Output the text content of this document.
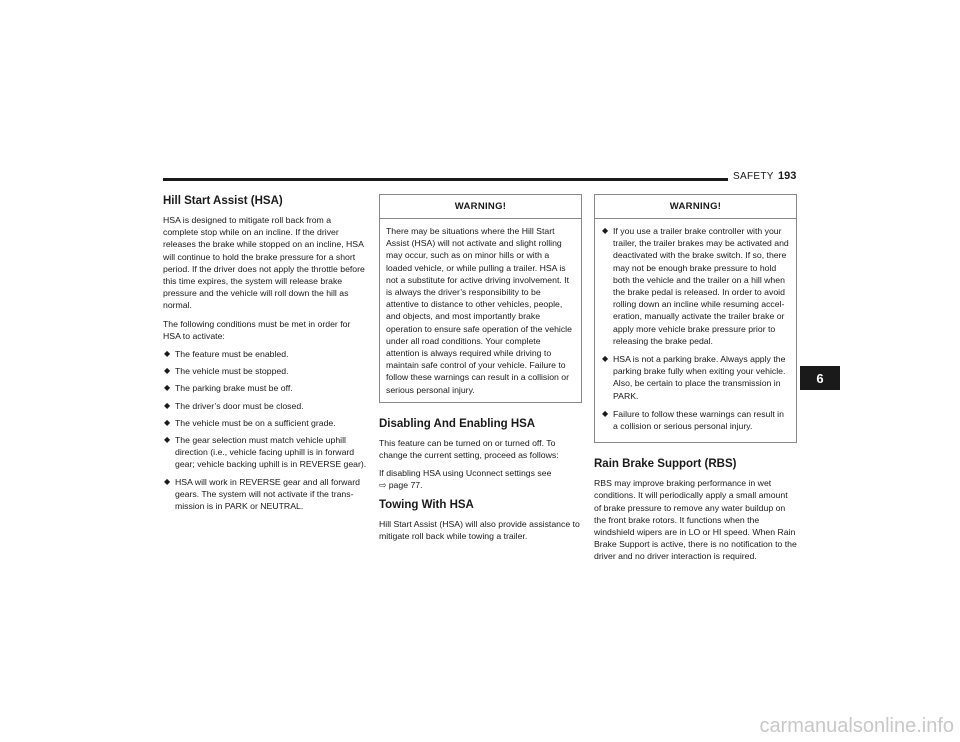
SAFETY 193
Hill Start Assist (HSA)

HSA is designed to mitigate roll back from a complete stop while on an incline. If the driver releases the brake while stopped on an incline, HSA will continue to hold the brake pressure for a short period. If the driver does not apply the throttle before this time expires, the system will release brake pressure and the vehicle will roll down the hill as normal.

The following conditions must be met in order for HSA to activate:

◆ The feature must be enabled.
◆ The vehicle must be stopped.
◆ The parking brake must be off.
◆ The driver’s door must be closed.
◆ The vehicle must be on a sufficient grade.
◆ The gear selection must match vehicle uphill direction (i.e., vehicle facing uphill is in forward gear; vehicle backing uphill is in REVERSE gear).
◆ HSA will work in REVERSE gear and all forward gears. The system will not activate if the trans-mission is in PARK or NEUTRAL.
WARNING!

There may be situations where the Hill Start Assist (HSA) will not activate and slight rolling may occur, such as on minor hills or with a loaded vehicle, or while pulling a trailer. HSA is not a substitute for active driving involvement. It is always the driver’s responsibility to be attentive to distance to other vehicles, people, and objects, and most importantly brake operation to ensure safe operation of the vehicle under all road conditions. Your complete attention is always required while driving to maintain safe control of your vehicle. Failure to follow these warnings can result in a collision or serious personal injury.

Disabling And Enabling HSA

This feature can be turned on or turned off. To change the current setting, proceed as follows:

If disabling HSA using Uconnect settings see
⇨ page 77.

Towing With HSA

Hill Start Assist (HSA) will also provide assistance to mitigate roll back while towing a trailer.

WARNING!
◆ If you use a trailer brake controller with your trailer, the trailer brakes may be activated and deactivated with the brake switch. If so, there may not be enough brake pressure to hold both the vehicle and the trailer on a hill when the brake pedal is released. In order to avoid rolling down an incline while resuming accel-eration, manually activate the trailer brake or apply more vehicle brake pressure prior to releasing the brake pedal.
◆ HSA is not a parking brake. Always apply the parking brake fully when exiting your vehicle. Also, be certain to place the transmission in PARK.
◆ Failure to follow these warnings can result in a collision or serious personal injury.
Rain Brake Support (RBS)

RBS may improve braking performance in wet conditions. It will periodically apply a small amount of brake pressure to remove any water buildup on the front brake rotors. It functions when the windshield wipers are in LO or HI speed. When Rain Brake Support is active, there is no notification to the driver and no driver interaction is required.

6
carmanualsonline.info
